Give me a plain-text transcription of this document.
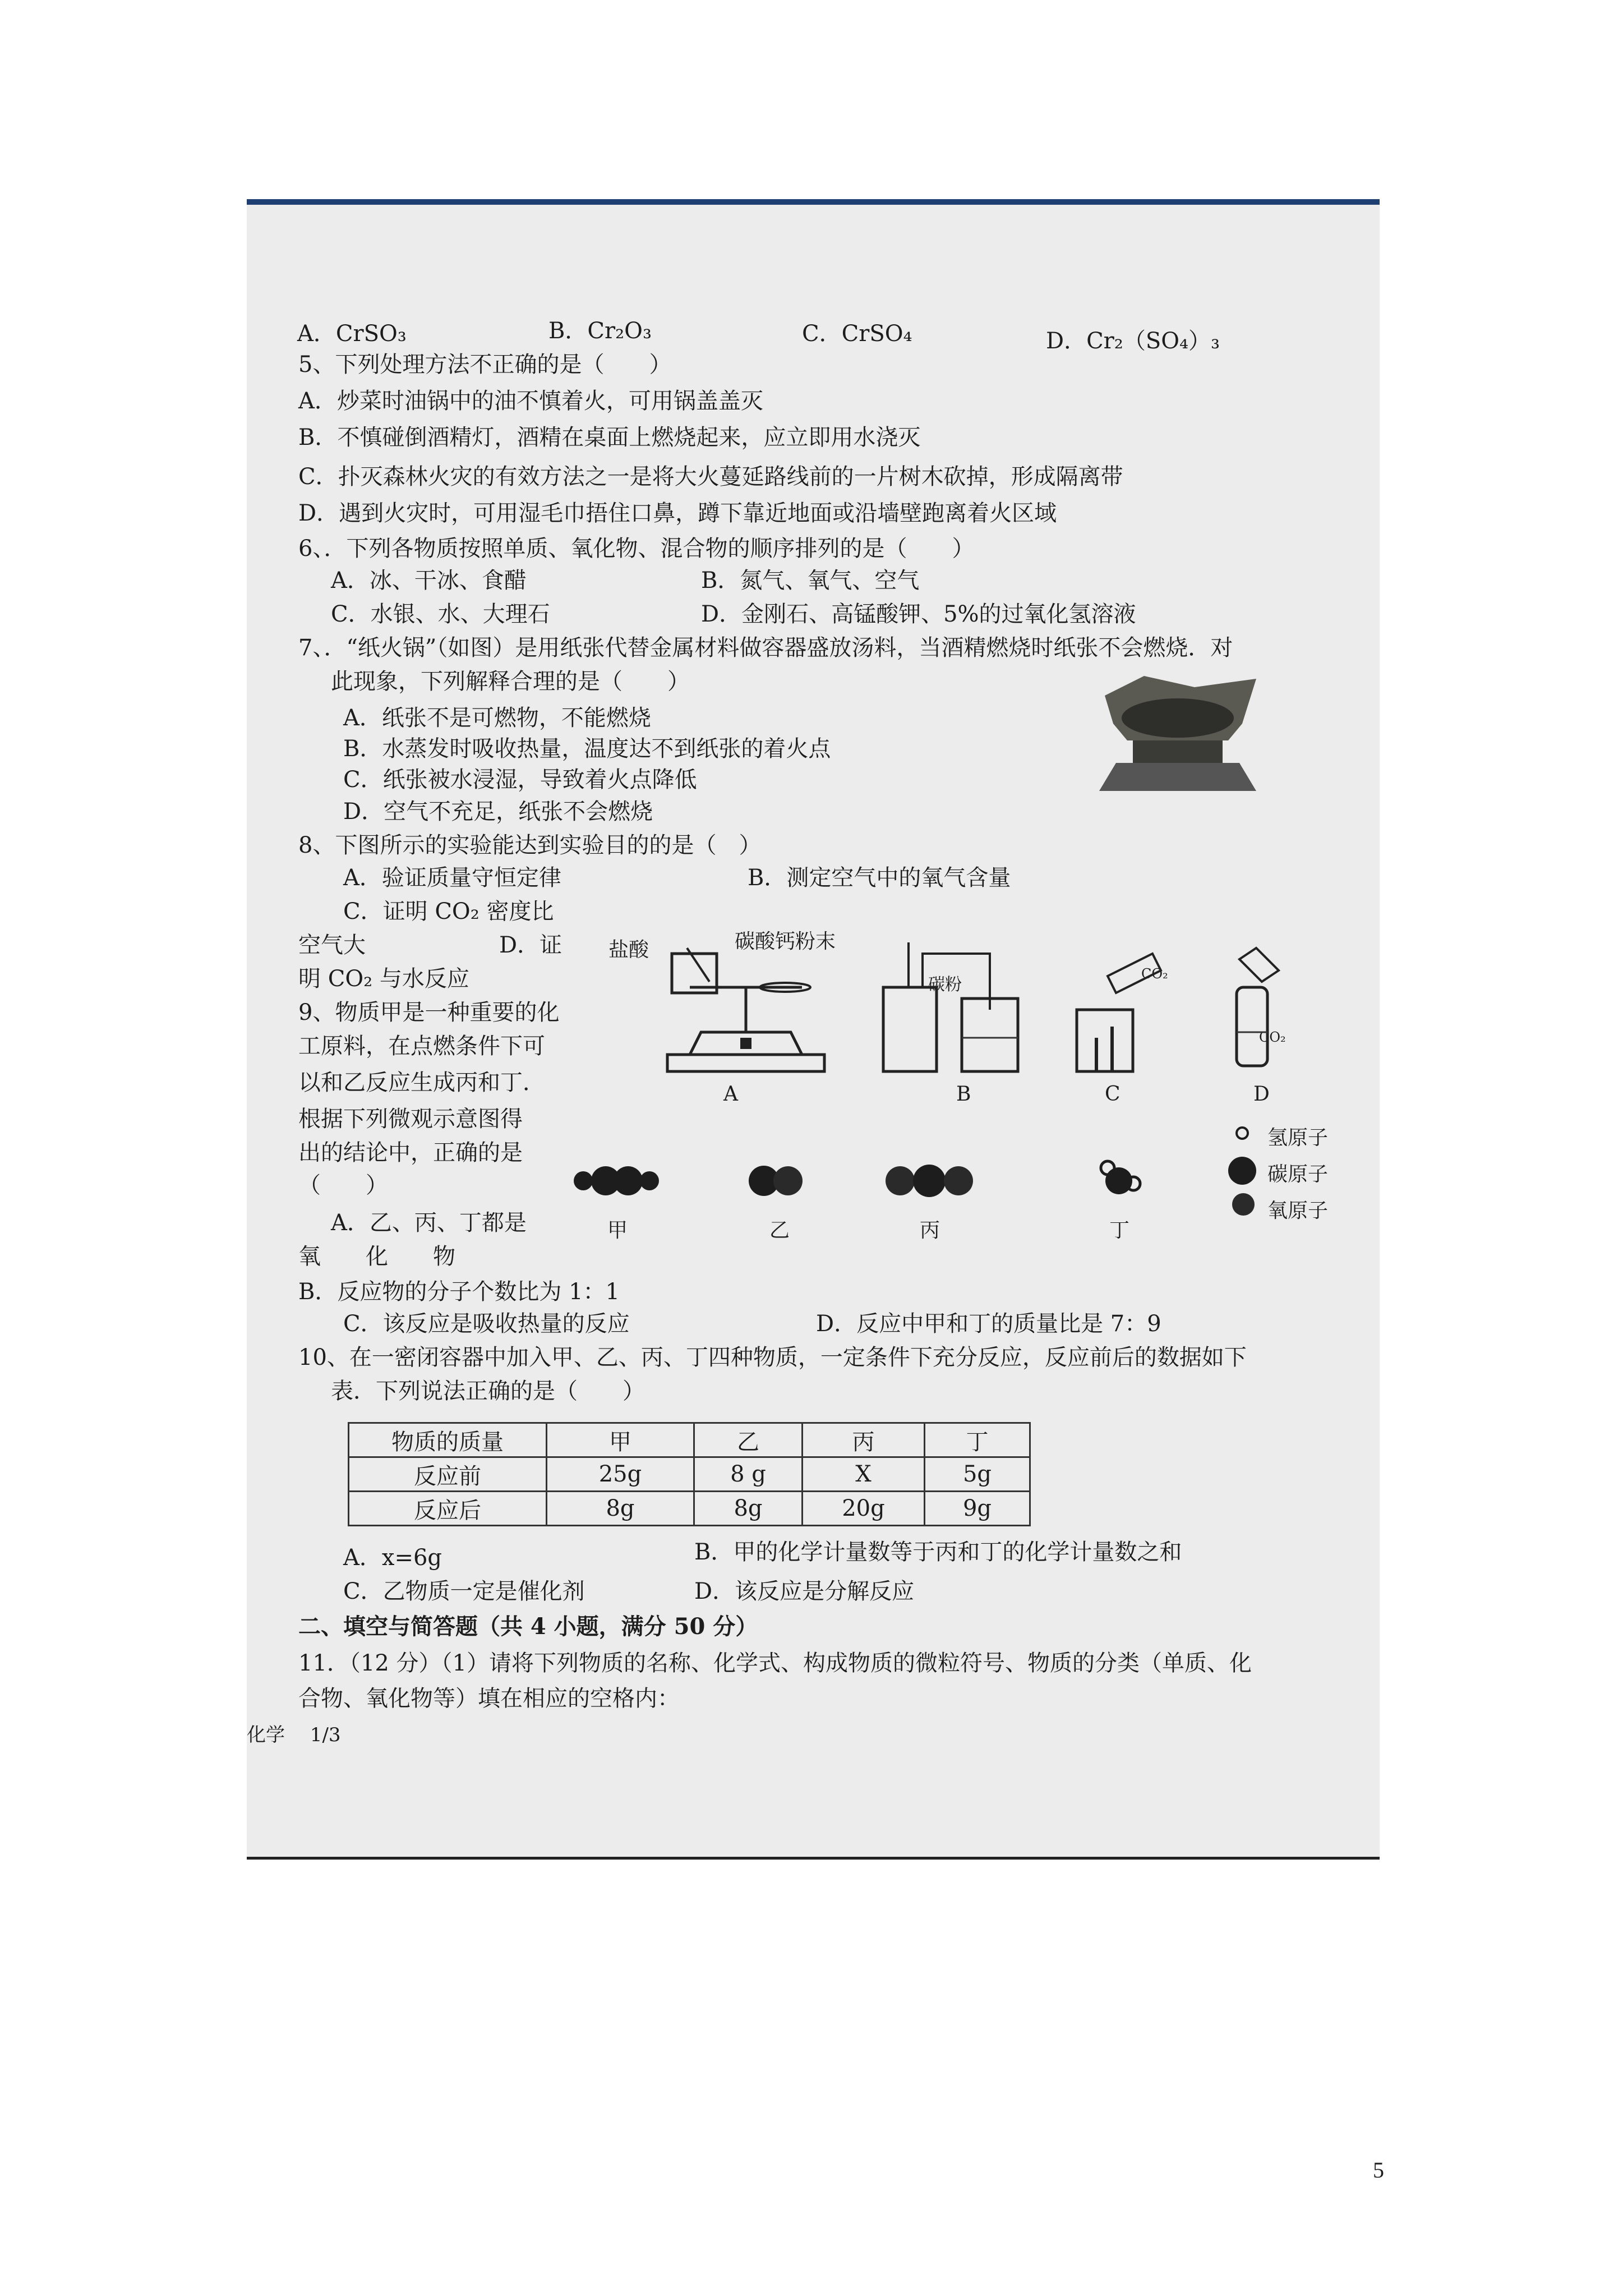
A．CrSO₃	B．Cr₂O₃	C．CrSO₄	D．Cr₂（SO₄）₃
5、下列处理方法不正确的是（　　）
A．炒菜时油锅中的油不慎着火，可用锅盖盖灭
B．不慎碰倒酒精灯，酒精在桌面上燃烧起来，应立即用水浇灭
C．扑灭森林火灾的有效方法之一是将大火蔓延路线前的一片树木砍掉，形成隔离带
D．遇到火灾时，可用湿毛巾捂住口鼻，蹲下靠近地面或沿墙壁跑离着火区域
6、．下列各物质按照单质、氧化物、混合物的顺序排列的是（　　）
A．冰、干冰、食醋	B．氮气、氧气、空气
C．水银、水、大理石	D．金刚石、高锰酸钾、5%的过氧化氢溶液
7、．“纸火锅”（如图）是用纸张代替金属材料做容器盛放汤料，当酒精燃烧时纸张不会燃烧．对
此现象，下列解释合理的是（　　）
A．纸张不是可燃物，不能燃烧
B．水蒸发时吸收热量，温度达不到纸张的着火点
C．纸张被水浸湿，导致着火点降低
D．空气不充足，纸张不会燃烧
8、下图所示的实验能达到实验目的的是（　）
A．验证质量守恒定律	B．测定空气中的氧气含量
C．证明 CO₂ 密度比
空气大	D．证
明 CO₂ 与水反应
盐酸	碳酸钙粉末
碳粉
CO₂
CO₂
A	B	C	D
9、物质甲是一种重要的化
工原料，在点燃条件下可
以和乙反应生成丙和丁．
根据下列微观示意图得
出的结论中，正确的是
（　　）
A．乙、丙、丁都是
氧　　化　　物
B．反应物的分子个数比为 1：1
C．该反应是吸收热量的反应	D．反应中甲和丁的质量比是 7：9
甲	乙	丙	丁
氢原子
碳原子
氧原子
10、在一密闭容器中加入甲、乙、丙、丁四种物质，一定条件下充分反应，反应前后的数据如下
表．下列说法正确的是（　　）
物质的质量	甲	乙	丙	丁
反应前	25g	8 g	X	5g
反应后	8g	8g	20g	9g
A．x=6g	B．甲的化学计量数等于丙和丁的化学计量数之和
C．乙物质一定是催化剂	D．该反应是分解反应
二、填空与简答题（共 4 小题，满分 50 分）
11．（12 分）（1）请将下列物质的名称、化学式、构成物质的微粒符号、物质的分类（单质、化
合物、氧化物等）填在相应的空格内：
化学　 1/3
5
